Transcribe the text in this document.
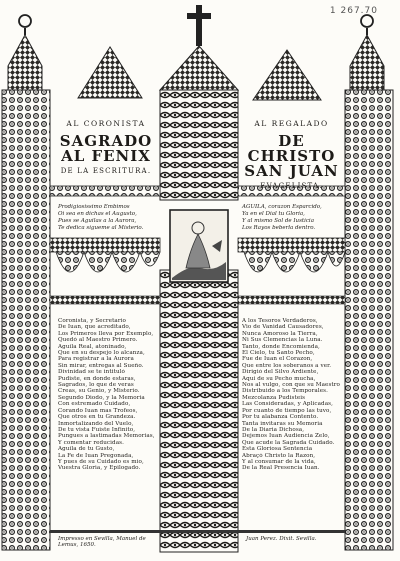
1 267.70
AL CORONISTA
SAGRADO
AL FENIX
DE LA ESCRITURA.
AL REGALADO
DE CHRISTO
SAN JUAN
EVAGELISTA.
Prodigiosissimo Embimos
Oi sea en dichas el Augusto,
Pues se Aguilas a la Aurora,
Te dedica sigueme al Misterio.
AGUILA, corazon Esparcido,
Ya en el Dial tu Gloria,
Y al mismo Sol de Iusticia
Los Rayos beberla dentro.
Coronista, y Secretario
De Iuan, que acreditado,
Los Primeros lleva por Exemplo,
Quedó al Maestro Primero.
Aguila Real, atoninado,
Que en su despejo lo alcanza,
Para registrar a la Aurora
Sin mirar, entregas al Sueño.
Divinidad se te intituló
Pudiste, en donde estaras,
Sagrados, lo que de veras
Creas, su Genio, y Misterio.
Segundo Diodo, y la Memoria
Con estremado Cuidado,
Corando Iuan mas Trofeos,
Que otros en tu Grandeza.
Inmortalizando del Vuelo,
De tu vista Fuiste Infinito,
Pungues a lastimadas Memorias,
Y comentar reducidas.
Aguila de tu Gusto,
La Fe de Iuan Pregonada,
Y pues de su Cuidado es mio,
Vuestra Gloria, y Epilogado.
A los Tesoros Verdaderos,
Vio de Vanidad Causadores,
Nunca Amoroso la Tierra,
Ni Sus Clemencias la Luna.
Tanto, donde Encomienda,
El Cielo, tu Santo Pecho,
Fue de Iuan el Corazon,
Que entre los soberanos a ver.
Dirigió del Silvo Ardiente,
Aqui de su Pecho mucha,
Nos al vulgo, con que su Maestro
Distribuido a los Temporales.
Mezcolanza Pudisteis
Las Consideradas, y Aplicadas,
Por cuanto de tiempo las tuvo,
Por tu alabanza Contento.
Tanta invitaras su Memoria
De la Diaria Dichosa,
Dejemos Iuan Audiencia Zelo,
Que acude la Sagrada Cuidado.
Esta Gloriosa Sentencia
Abraçó Christo la Razon,
Y al consumar de la vida,
De la Real Presencia Iuan.
Impresso en Sevilla, Manuel de Lemus, 1650.
Juan Perez. Dixit. Sevilla.
